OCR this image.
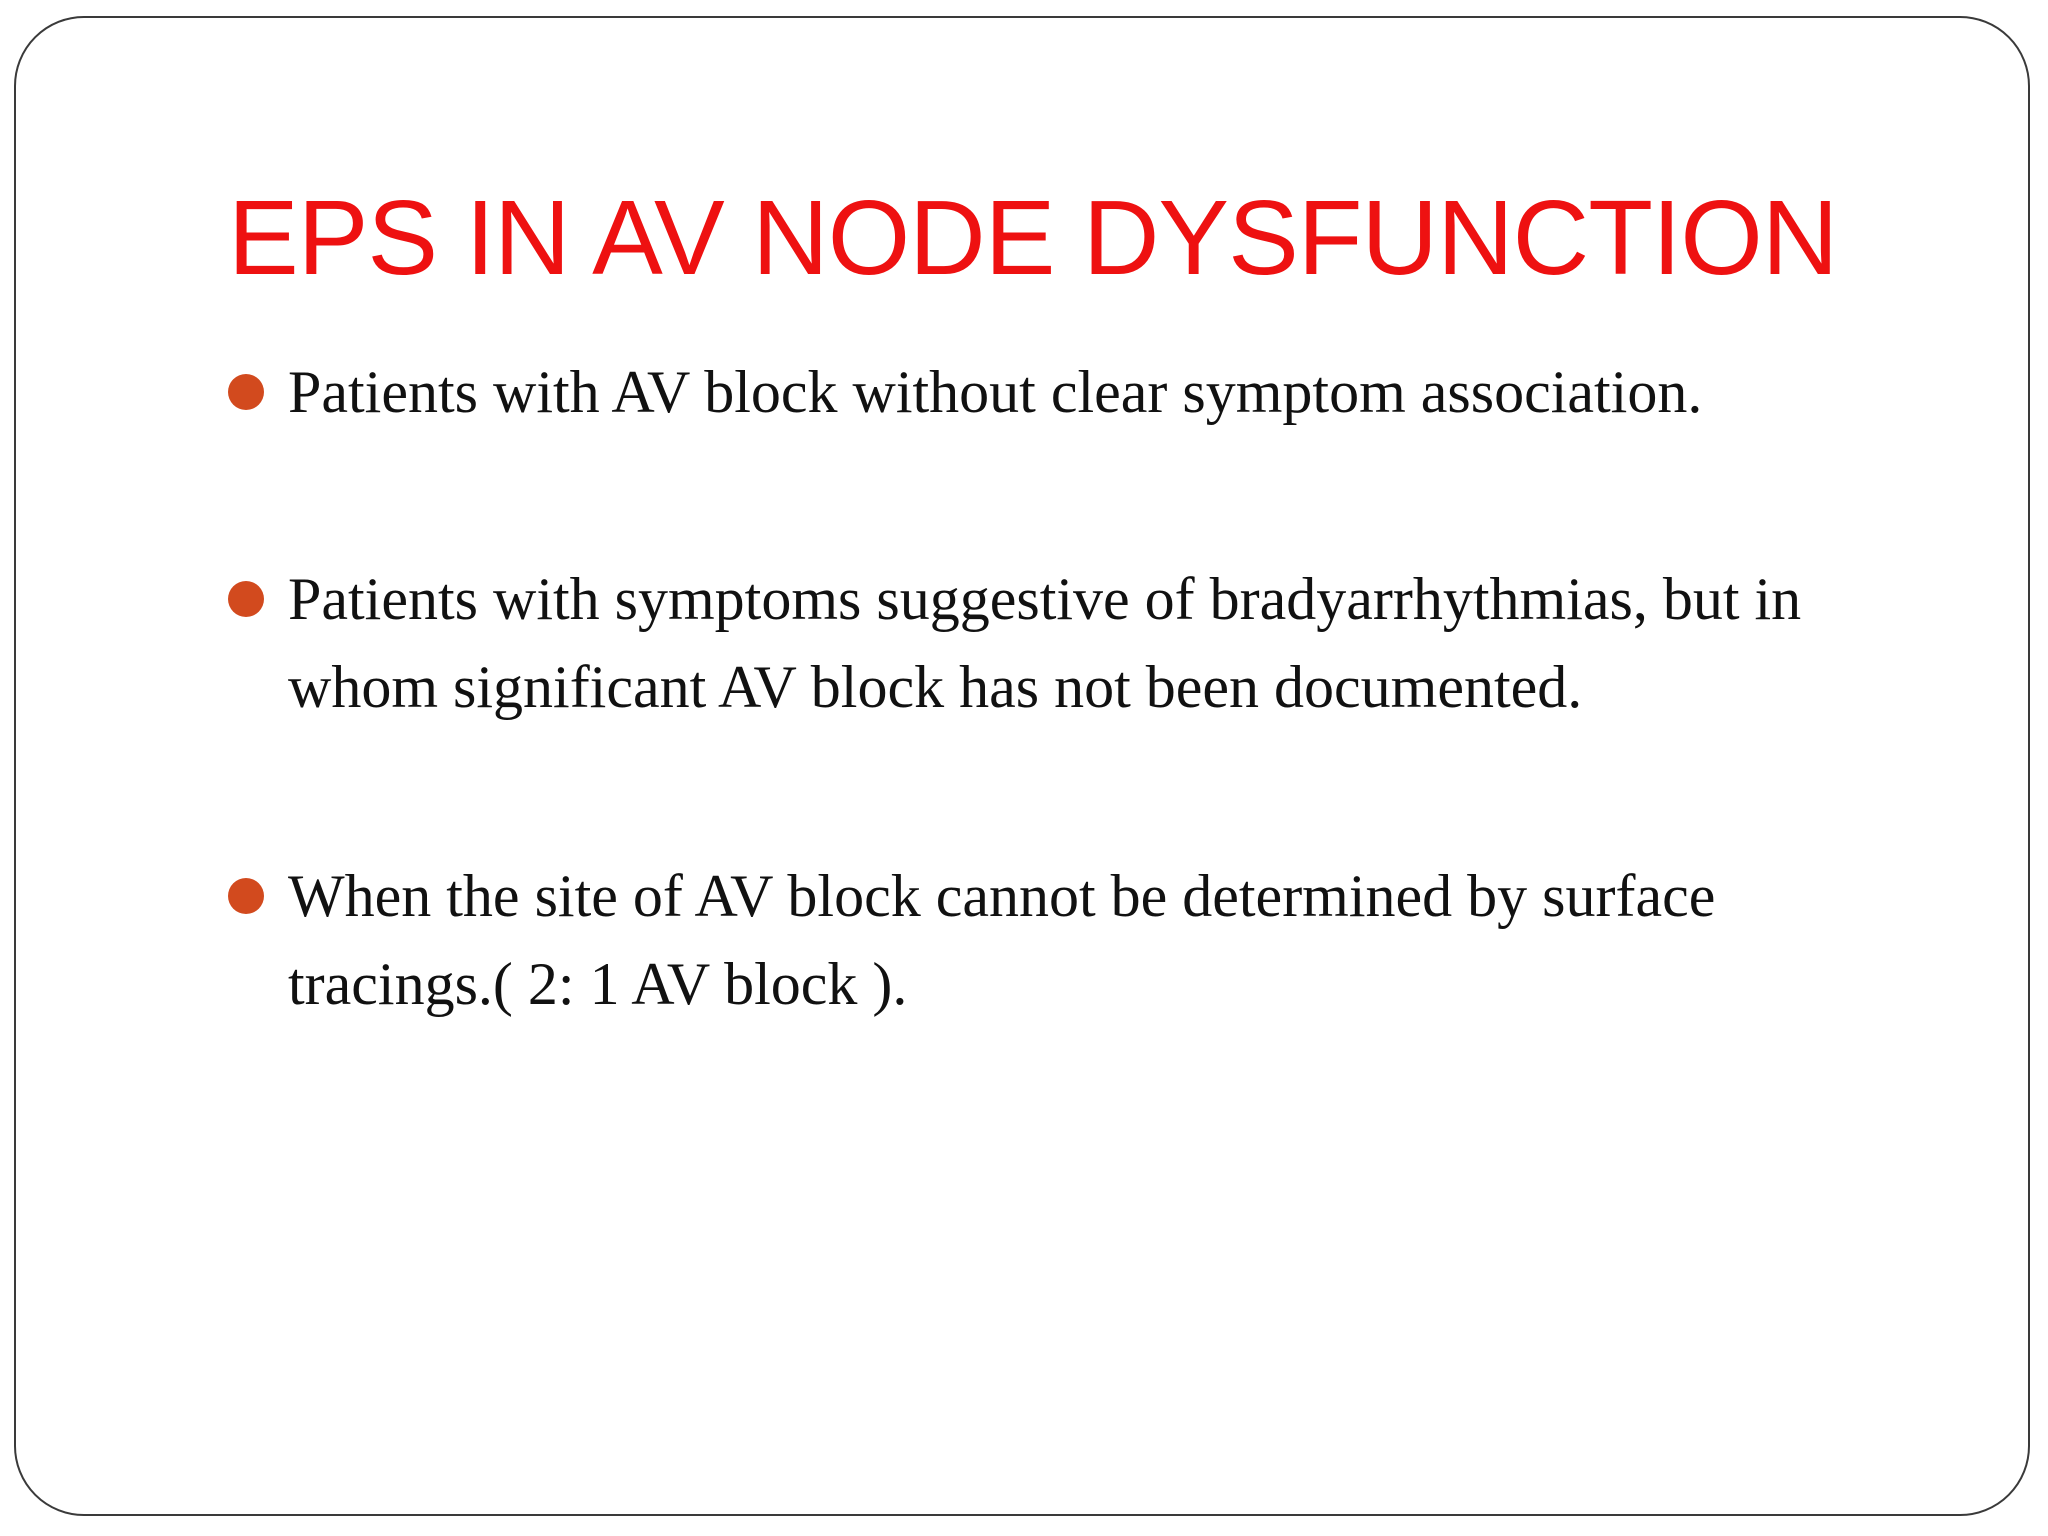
EPS IN AV NODE DYSFUNCTION
Patients with AV block without clear symptom association.
Patients with symptoms suggestive of bradyarrhythmias, but in whom significant AV block has not been documented.
When the site of AV block cannot be determined by surface tracings.( 2: 1 AV block ).
